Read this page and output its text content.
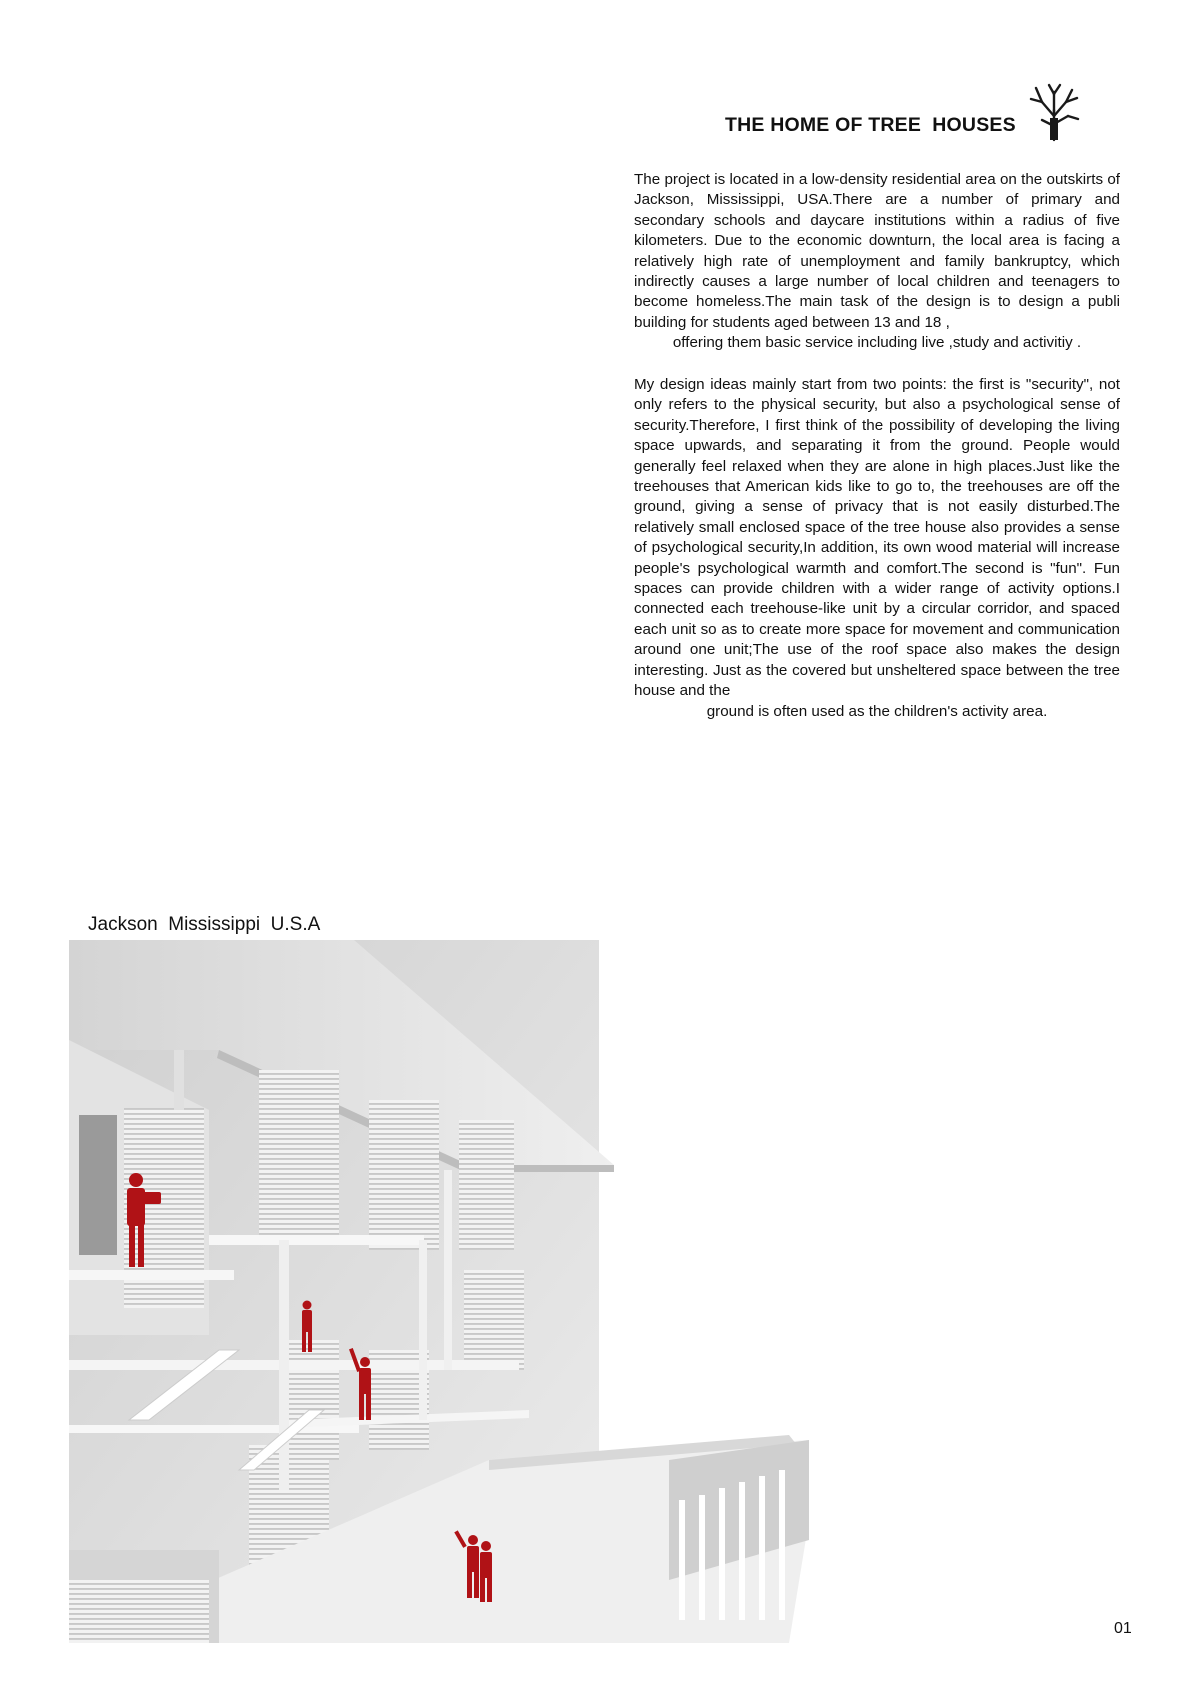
THE HOME OF TREE  HOUSES
The project is located in a low-density residential area on the outskirts of Jackson, Mississippi, USA.There are a number of primary and secondary schools and daycare institutions within a radius of five kilometers. Due to the economic downturn, the local area is facing a relatively high rate of unemployment and family bankruptcy, which indirectly causes a large number of local children and teenagers to become homeless.The main task of the design is to design a publi building for students aged between 13 and 18 ,
offering them basic service including live ,study and activitiy .
My design ideas mainly start from two points: the first is "security", not only refers to the physical security, but also a psychological sense of security.Therefore, I first think of the possibility of developing the living space upwards, and separating it from the ground. People would generally feel relaxed when they are alone in high places.Just like the treehouses that American kids like to go to, the treehouses are off the ground, giving a sense of privacy that is not easily disturbed.The relatively small enclosed space of the tree house also provides a sense of psychological security,In addition, its own wood material will increase people's psychological warmth and comfort.The second is "fun". Fun spaces can provide children with a wider range of activity options.I connected each treehouse-like unit by a circular corridor, and spaced each unit so as to create more space for movement and communication around one unit;The use of the roof space also makes the design interesting. Just as the covered but unsheltered space between the tree house and the
ground is often used as the children's activity area.

Jackson  Mississippi  U.S.A

01
